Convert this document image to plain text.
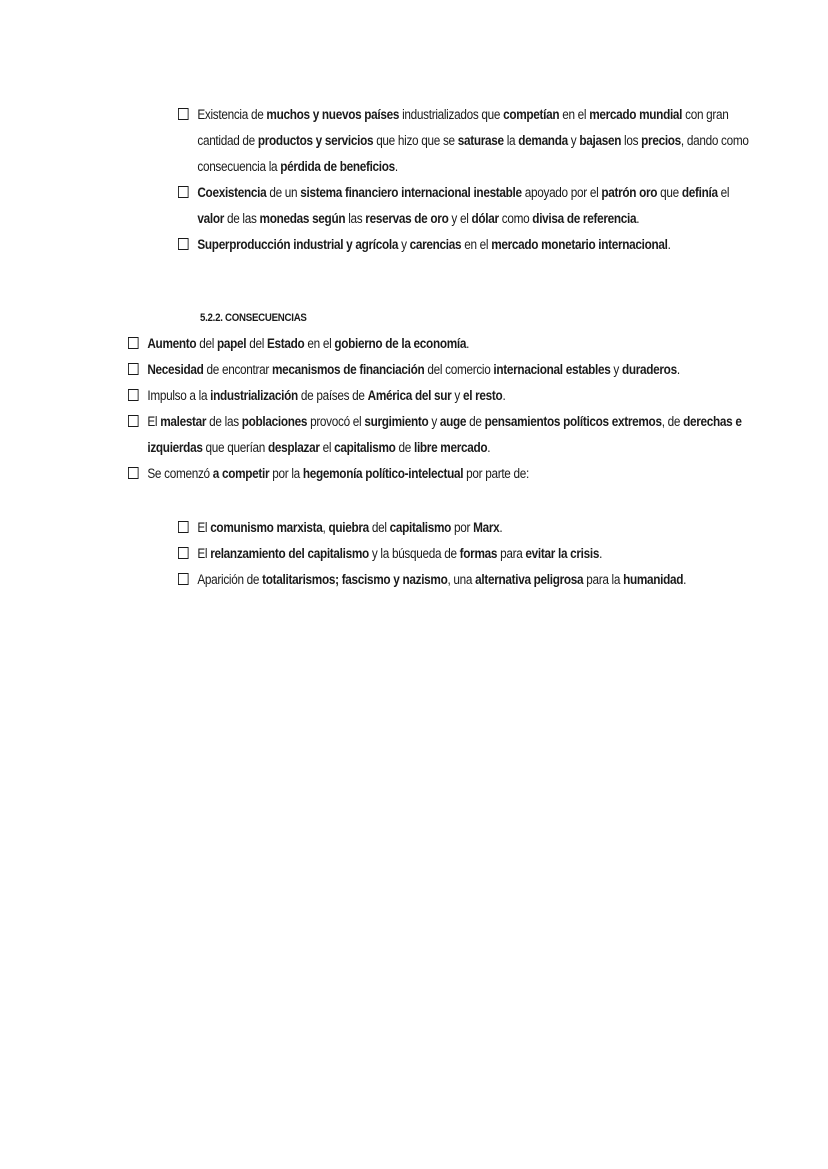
Existencia de muchos y nuevos países industrializados que competían en el mercado mundial con gran cantidad de productos y servicios que hizo que se saturase la demanda y bajasen los precios, dando como consecuencia la pérdida de beneficios.
Coexistencia de un sistema financiero internacional inestable apoyado por el patrón oro que definía el valor de las monedas según las reservas de oro y el dólar como divisa de referencia.
Superproducción industrial y agrícola y carencias en el mercado monetario internacional.
5.2.2. CONSECUENCIAS
Aumento del papel del Estado en el gobierno de la economía.
Necesidad de encontrar mecanismos de financiación del comercio internacional estables y duraderos.
Impulso a la industrialización de países de América del sur y el resto.
El malestar de las poblaciones provocó el surgimiento y auge de pensamientos políticos extremos, de derechas e izquierdas que querían desplazar el capitalismo de libre mercado.
Se comenzó a competir por la hegemonía político-intelectual por parte de:
El comunismo marxista, quiebra del capitalismo por Marx.
El relanzamiento del capitalismo y la búsqueda de formas para evitar la crisis.
Aparición de totalitarismos; fascismo y nazismo, una alternativa peligrosa para la humanidad.
